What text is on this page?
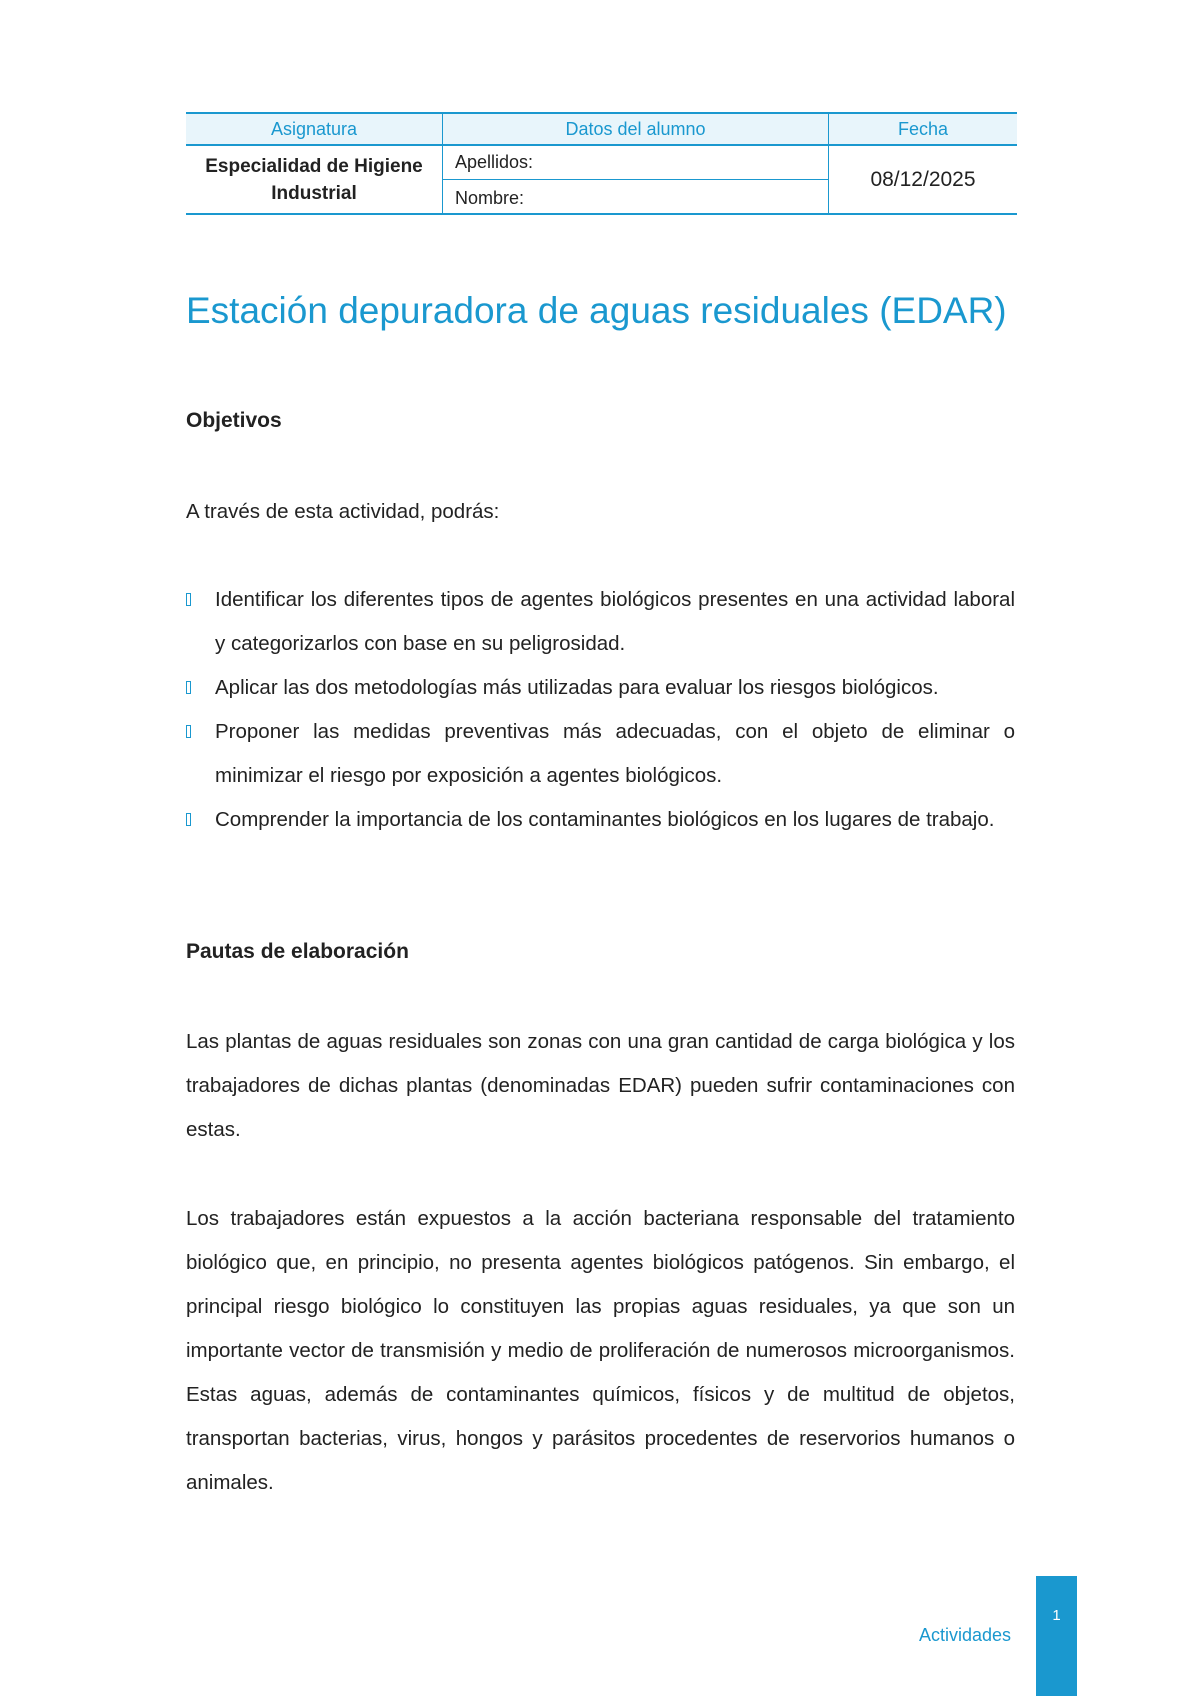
Asignatura	Datos del alumno	Fecha
Especialidad de Higiene
Industrial	Apellidos:	08/12/2025
	Nombre:	
Estación depuradora de aguas residuales (EDAR)
Objetivos

A través de esta actividad, podrás:

Identificar los diferentes tipos de agentes biológicos presentes en una actividad laboral y categorizarlos con base en su peligrosidad.
Aplicar las dos metodologías más utilizadas para evaluar los riesgos biológicos.
Proponer las medidas preventivas más adecuadas, con el objeto de eliminar o minimizar el riesgo por exposición a agentes biológicos.
Comprender la importancia de los contaminantes biológicos en los lugares de trabajo.
Pautas de elaboración

Las plantas de aguas residuales son zonas con una gran cantidad de carga biológica y los trabajadores de dichas plantas (denominadas EDAR) pueden sufrir contaminaciones con estas.

Los trabajadores están expuestos a la acción bacteriana responsable del tratamiento biológico que, en principio, no presenta agentes biológicos patógenos. Sin embargo, el principal riesgo biológico lo constituyen las propias aguas residuales, ya que son un importante vector de transmisión y medio de proliferación de numerosos microorganismos. Estas aguas, además de contaminantes químicos, físicos y de multitud de objetos, transportan bacterias, virus, hongos y parásitos procedentes de reservorios humanos o animales.

Actividades
1
